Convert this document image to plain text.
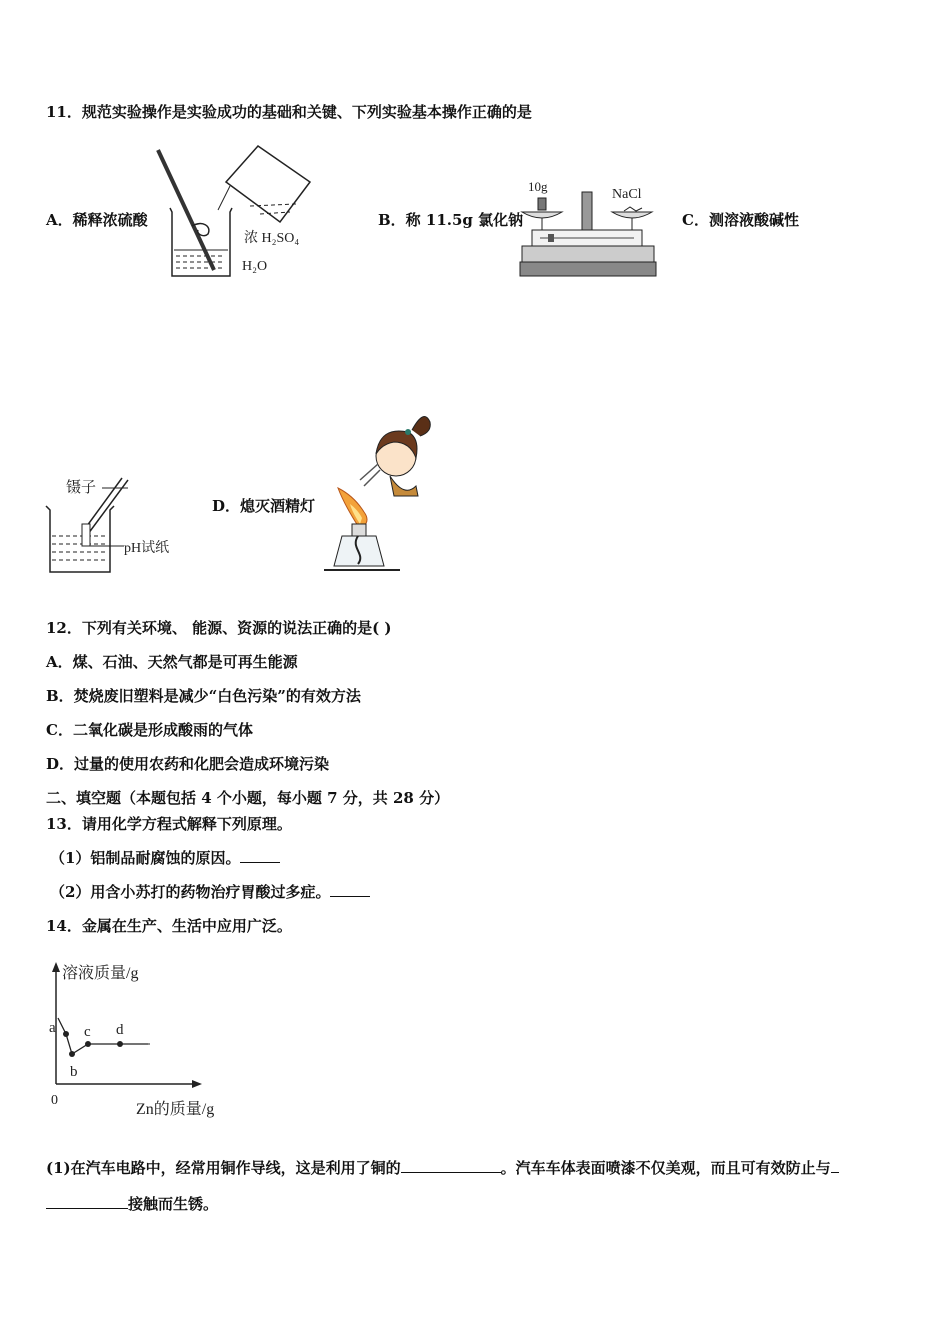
11．规范实验操作是实验成功的基础和关键、下列实验基本操作正确的是
A．稀释浓硫酸
浓 H₂SO₄
H₂O
B．称 11.5g 氯化钠
10g
NaCl
C．测溶液酸碱性
镊子
pH试纸
D．熄灭酒精灯
12．下列有关环境、 能源、资源的说法正确的是( )
A．煤、石油、天然气都是可再生能源
B．焚烧废旧塑料是减少“白色污染”的有效方法
C．二氧化碳是形成酸雨的气体
D．过量的使用农药和化肥会造成环境污染
二、填空题（本题包括 4 个小题，每小题 7 分，共 28 分）
13．请用化学方程式解释下列原理。
（1）铝制品耐腐蚀的原因。
（2）用含小苏打的药物治疗胃酸过多症。
14．金属在生产、生活中应用广泛。
溶液质量/g
Zn的质量/g
0
a
b
c d
(1)在汽车电路中，经常用铜作导线，这是利用了铜的	。汽车车体表面喷漆不仅美观，而且可有效防止与
接触而生锈。
